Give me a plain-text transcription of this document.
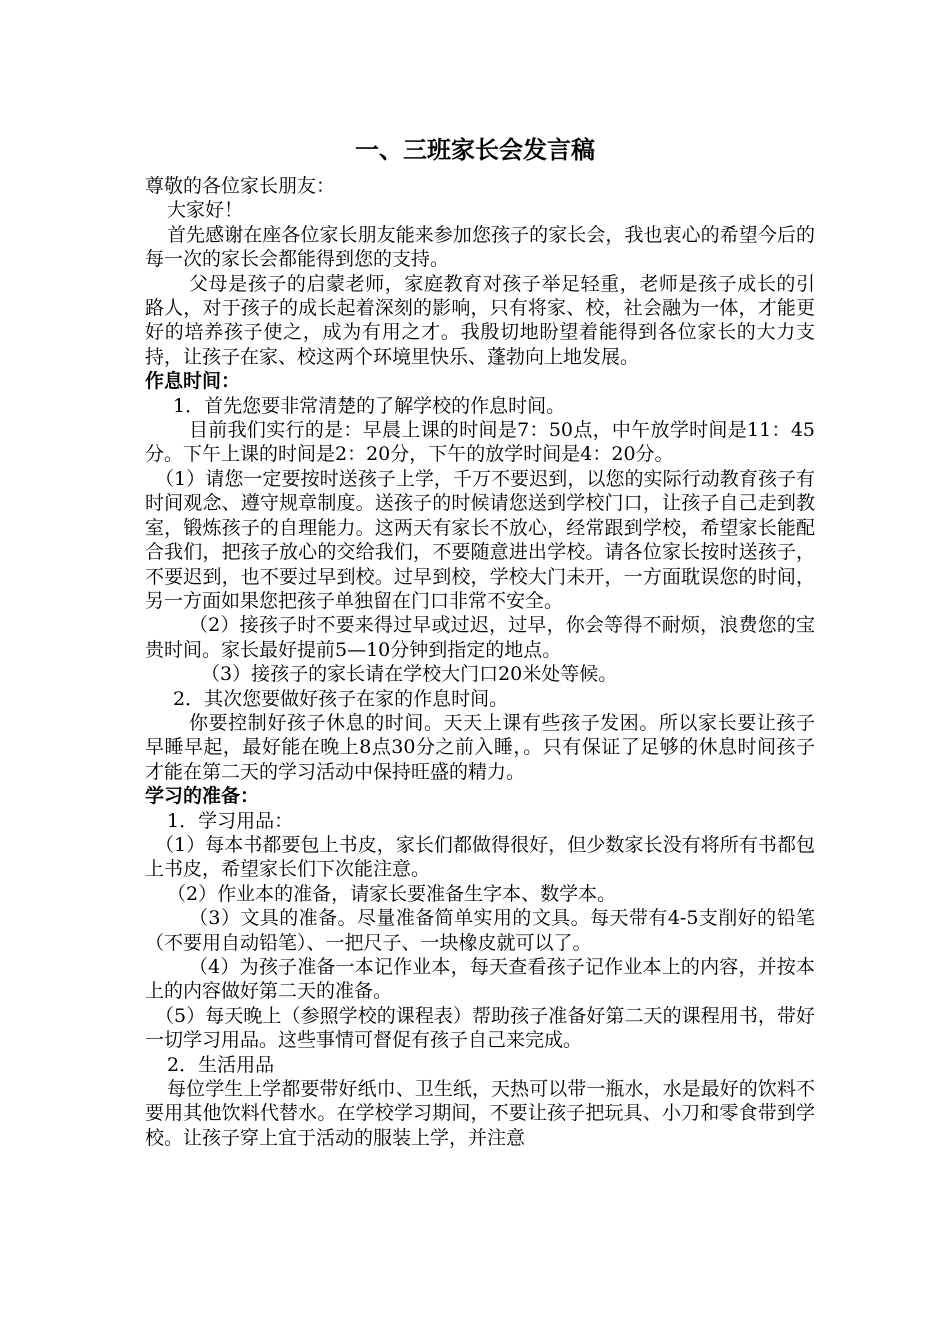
一、三班家长会发言稿

尊敬的各位家长朋友：

大家好！

首先感谢在座各位家长朋友能来参加您孩子的家长会，我也衷心的希望今后的每一次的家长会都能得到您的支持。

父母是孩子的启蒙老师，家庭教育对孩子举足轻重，老师是孩子成长的引路人，对于孩子的成长起着深刻的影响，只有将家、校，社会融为一体，才能更好的培养孩子使之，成为有用之才。我殷切地盼望着能得到各位家长的大力支持，让孩子在家、校这两个环境里快乐、蓬勃向上地发展。

作息时间：

1．首先您要非常清楚的了解学校的作息时间。

目前我们实行的是：早晨上课的时间是7：50点，中午放学时间是11：45分。下午上课的时间是2：20分，下午的放学时间是4：20分。

（1）请您一定要按时送孩子上学，千万不要迟到，以您的实际行动教育孩子有时间观念、遵守规章制度。送孩子的时候请您送到学校门口，让孩子自己走到教室，锻炼孩子的自理能力。这两天有家长不放心，经常跟到学校，希望家长能配合我们，把孩子放心的交给我们，不要随意进出学校。请各位家长按时送孩子，不要迟到，也不要过早到校。过早到校，学校大门未开，一方面耽误您的时间，另一方面如果您把孩子单独留在门口非常不安全。

（2）接孩子时不要来得过早或过迟，过早，你会等得不耐烦，浪费您的宝贵时间。家长最好提前5—10分钟到指定的地点。

（3）接孩子的家长请在学校大门口20米处等候。

2．其次您要做好孩子在家的作息时间。

你要控制好孩子休息的时间。天天上课有些孩子发困。所以家长要让孩子早睡早起，最好能在晚上8点30分之前入睡，。只有保证了足够的休息时间孩子才能在第二天的学习活动中保持旺盛的精力。

学习的准备：

1．学习用品：

（1）每本书都要包上书皮，家长们都做得很好，但少数家长没有将所有书都包上书皮，希望家长们下次能注意。

（2）作业本的准备，请家长要准备生字本、数学本。

（3）文具的准备。尽量准备简单实用的文具。每天带有4-5支削好的铅笔（不要用自动铅笔）、一把尺子、一块橡皮就可以了。

（4）为孩子准备一本记作业本，每天查看孩子记作业本上的内容，并按本上的内容做好第二天的准备。

（5）每天晚上（参照学校的课程表）帮助孩子准备好第二天的课程用书，带好一切学习用品。这些事情可督促有孩子自己来完成。

2．生活用品

每位学生上学都要带好纸巾、卫生纸，天热可以带一瓶水，水是最好的饮料不要用其他饮料代替水。在学校学习期间，不要让孩子把玩具、小刀和零食带到学校。让孩子穿上宜于活动的服装上学，并注意
